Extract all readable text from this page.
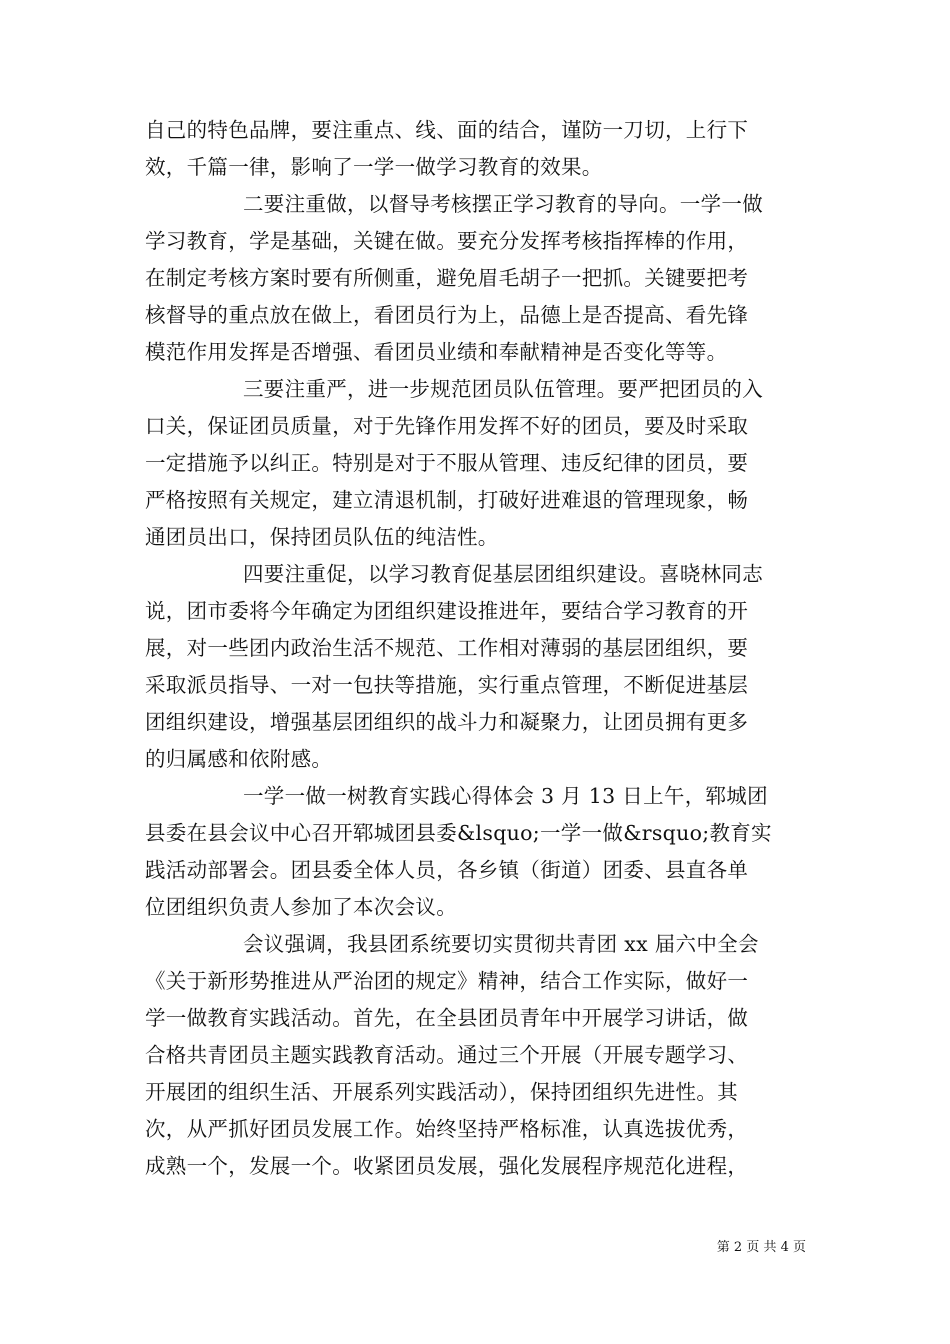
自己的特色品牌，要注重点、线、面的结合，谨防一刀切，上行下
效，千篇一律，影响了一学一做学习教育的效果。
二要注重做，以督导考核摆正学习教育的导向。一学一做
学习教育，学是基础，关键在做。要充分发挥考核指挥棒的作用，
在制定考核方案时要有所侧重，避免眉毛胡子一把抓。关键要把考
核督导的重点放在做上，看团员行为上，品德上是否提高、看先锋
模范作用发挥是否增强、看团员业绩和奉献精神是否变化等等。
三要注重严，进一步规范团员队伍管理。要严把团员的入
口关，保证团员质量，对于先锋作用发挥不好的团员，要及时采取
一定措施予以纠正。特别是对于不服从管理、违反纪律的团员，要
严格按照有关规定，建立清退机制，打破好进难退的管理现象，畅
通团员出口，保持团员队伍的纯洁性。
四要注重促，以学习教育促基层团组织建设。喜晓林同志
说，团市委将今年确定为团组织建设推进年，要结合学习教育的开
展，对一些团内政治生活不规范、工作相对薄弱的基层团组织，要
采取派员指导、一对一包扶等措施，实行重点管理，不断促进基层
团组织建设，增强基层团组织的战斗力和凝聚力，让团员拥有更多
的归属感和依附感。
一学一做一树教育实践心得体会 3 月 13 日上午，郓城团
县委在县会议中心召开郓城团县委&lsquo;一学一做&rsquo;教育实
践活动部署会。团县委全体人员，各乡镇（街道）团委、县直各单
位团组织负责人参加了本次会议。
会议强调，我县团系统要切实贯彻共青团 xx 届六中全会
《关于新形势推进从严治团的规定》精神，结合工作实际，做好一
学一做教育实践活动。首先，在全县团员青年中开展学习讲话，做
合格共青团员主题实践教育活动。通过三个开展（开展专题学习、
开展团的组织生活、开展系列实践活动），保持团组织先进性。其
次，从严抓好团员发展工作。始终坚持严格标准，认真选拔优秀，
成熟一个，发展一个。收紧团员发展，强化发展程序规范化进程，
第 2 页 共 4 页
